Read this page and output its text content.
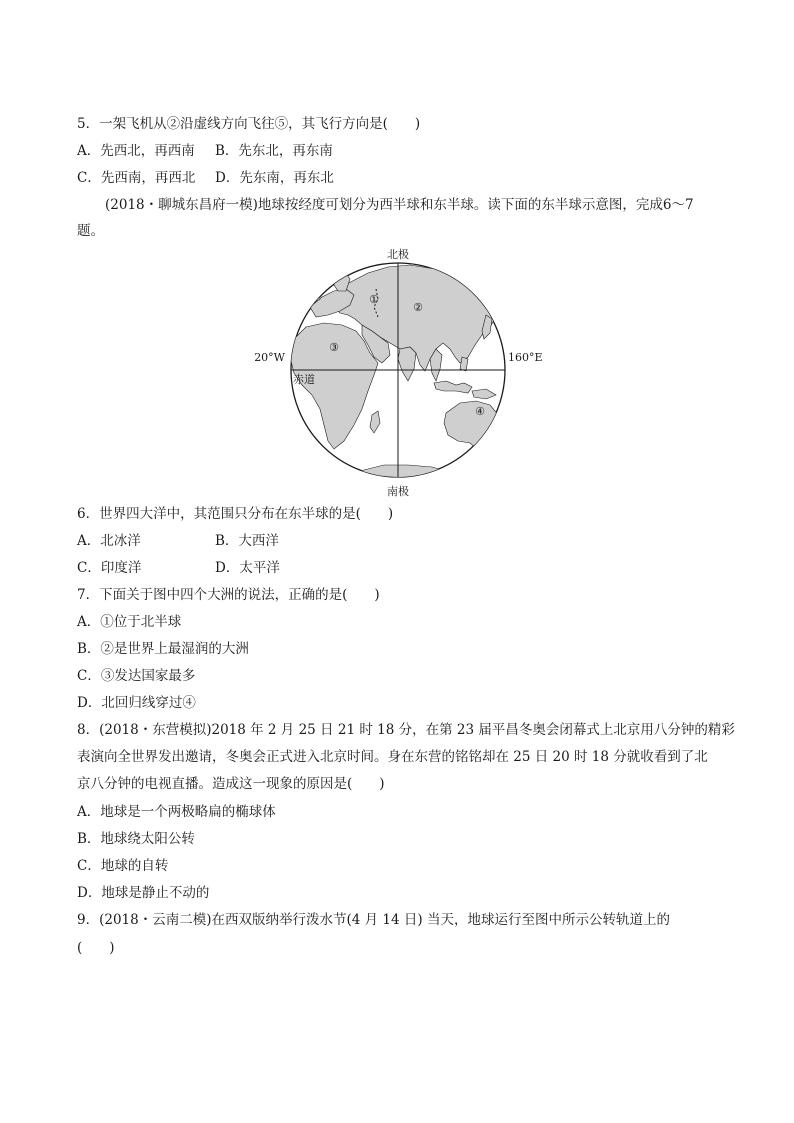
5．一架飞机从②沿虚线方向飞往⑤，其飞行方向是(　　)
A．先西北，再西南 B．先东北，再东南
C．先西南，再西北 D．先东南，再东北
(2018・聊城东昌府一模)地球按经度可划分为西半球和东半球。读下面的东半球示意图，完成6～7
题。
北极
南极
20°W	160°E
赤道
①
②
③
④
6．世界四大洋中，其范围只分布在东半球的是(　　)
A．北冰洋	B．大西洋
C．印度洋	D．太平洋
7．下面关于图中四个大洲的说法，正确的是(　　)
A．①位于北半球
B．②是世界上最湿润的大洲
C．③发达国家最多
D．北回归线穿过④
8．(2018・东营模拟)2018 年 2 月 25 日 21 时 18 分，在第 23 届平昌冬奥会闭幕式上北京用八分钟的精彩
表演向全世界发出邀请，冬奥会正式进入北京时间。身在东营的铭铭却在 25 日 20 时 18 分就收看到了北
京八分钟的电视直播。造成这一现象的原因是(　　)
A．地球是一个两极略扁的椭球体
B．地球绕太阳公转
C．地球的自转
D．地球是静止不动的
9．(2018・云南二模)在西双版纳举行泼水节(4 月 14 日) 当天，地球运行至图中所示公转轨道上的
(　　)
